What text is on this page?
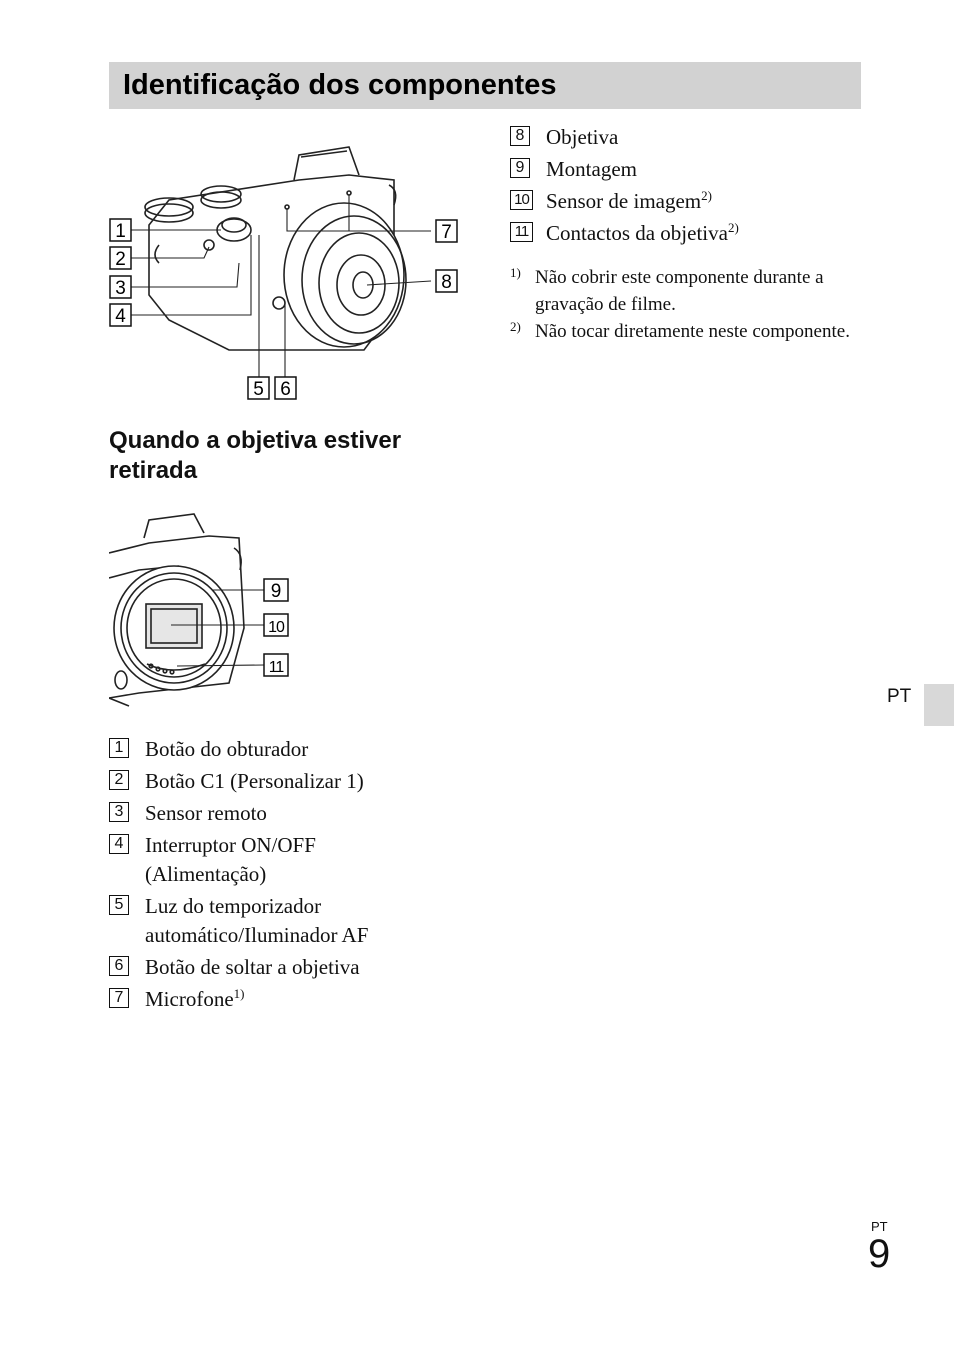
Identificação dos componentes
1
2
3
4
5 6
7
8
Quando a objetiva estiver retirada
9
10
11
1 Botão do obturador
2 Botão C1 (Personalizar 1)
3 Sensor remoto
4 Interruptor ON/OFF (Alimentação)
5 Luz do temporizador automático/Iluminador AF
6 Botão de soltar a objetiva
7 Microfone$^{1)}$
8 Objetiva
9 Montagem
10 Sensor de imagem$^{2)}$
11 Contactos da objetiva$^{2)}$
1) Não cobrir este componente durante a gravação de filme.
2) Não tocar diretamente neste componente.
PT
PT
9
